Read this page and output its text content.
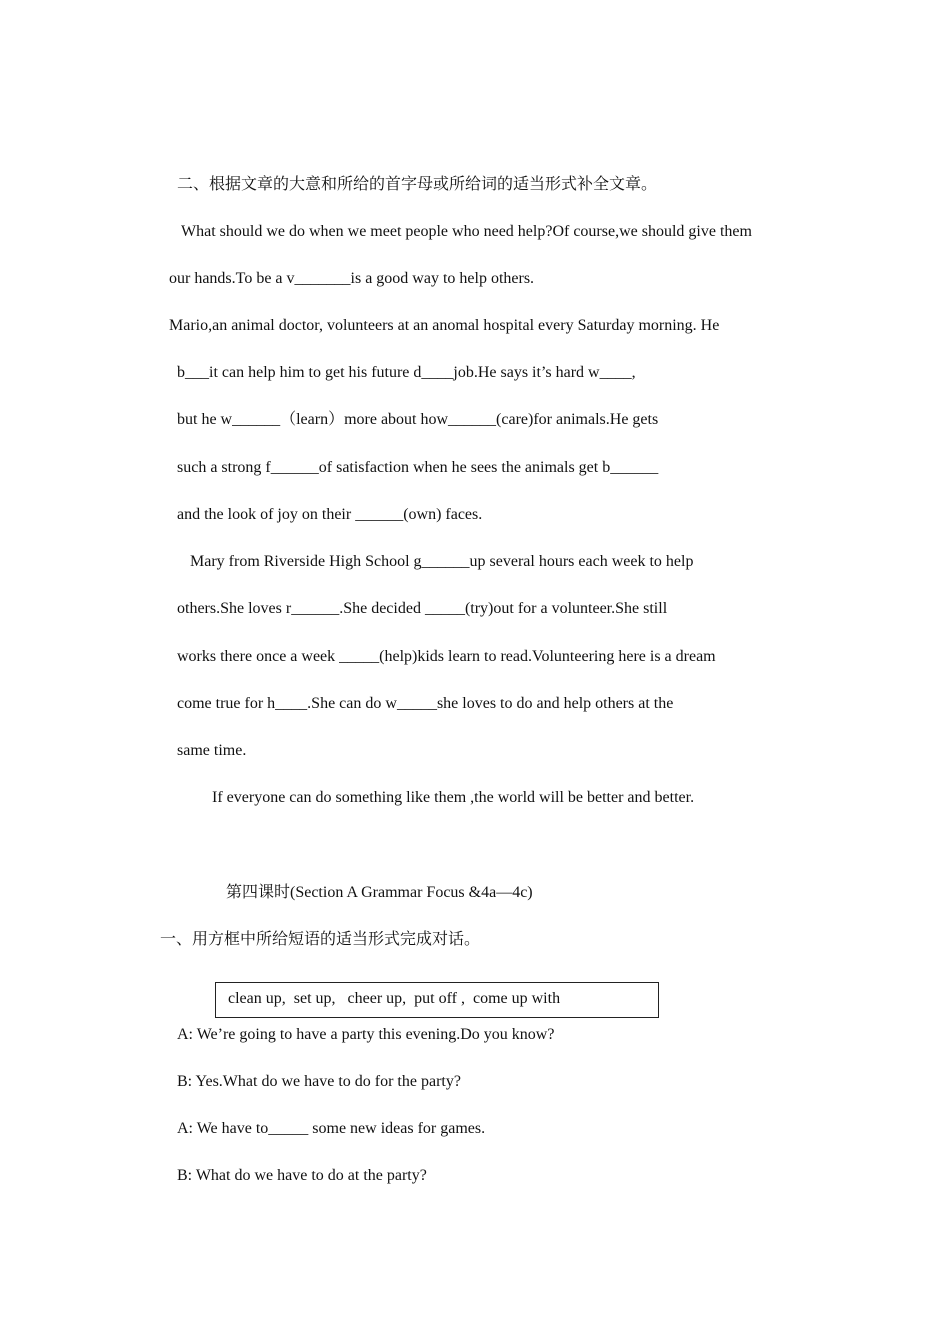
二、根据文章的大意和所给的首字母或所给词的适当形式补全文章。
What should we do when we meet people who need help?Of course,we should give them
our hands.To be a v_______is a good way to help others.
Mario,an animal doctor, volunteers at an anomal hospital every Saturday morning. He
b___it can help him to get his future d____job.He says it’s hard w____,
but he w______（learn）more about how______(care)for animals.He gets
such a strong f______of satisfaction when he sees the animals get b______
and the look of joy on their ______(own) faces.
Mary from Riverside High School g______up several hours each week to help
others.She loves r______.She decided _____(try)out for a volunteer.She still
works there once a week _____(help)kids learn to read.Volunteering here is a dream
come true for h____.She can do w_____she loves to do and help others at the
same time.
If everyone can do something like them ,the world will be better and better.
第四课时(Section A Grammar Focus &4a—4c)
一、用方框中所给短语的适当形式完成对话。
clean up,  set up,   cheer up,  put off ,  come up with
A: We’re going to have a party this evening.Do you know?
B: Yes.What do we have to do for the party?
A: We have to_____ some new ideas for games.
B: What do we have to do at the party?
